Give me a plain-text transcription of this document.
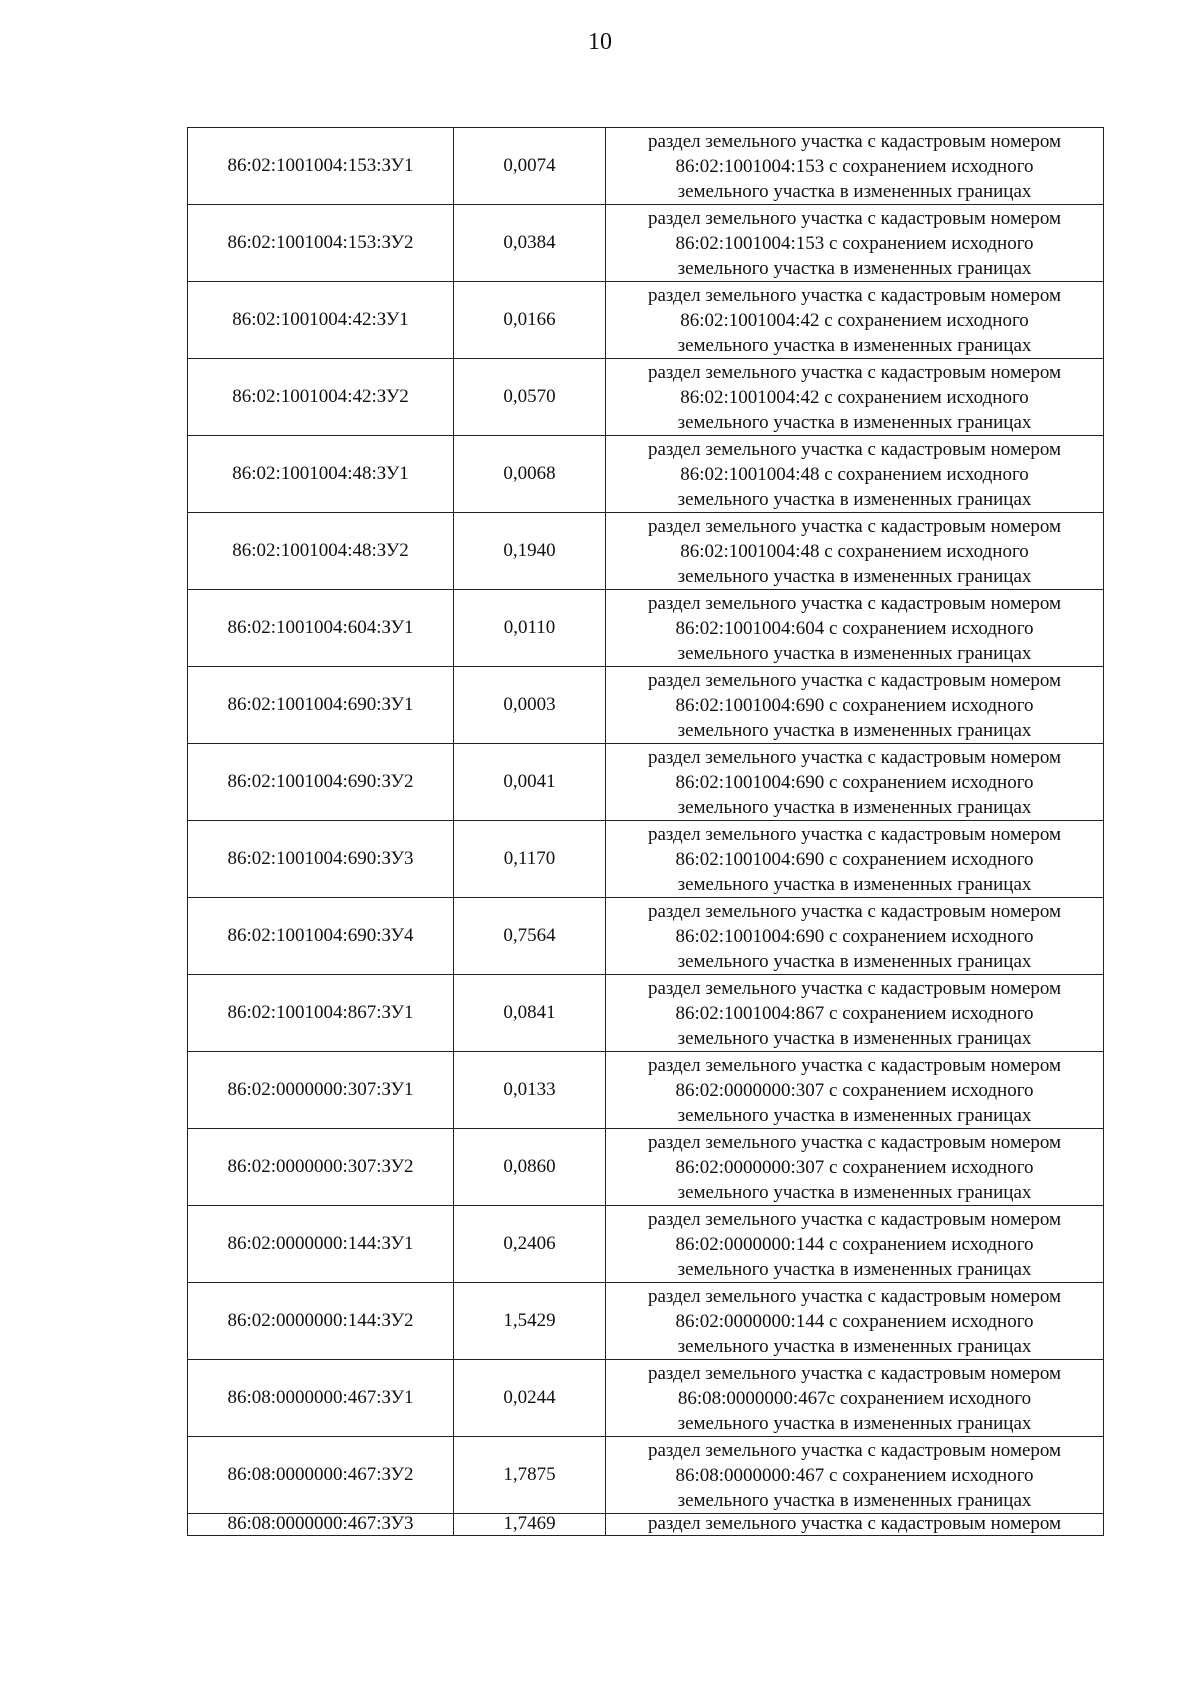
10
86:02:1001004:153:ЗУ1	0,0074	раздел земельного участка с кадастровым номером
86:02:1001004:153 с сохранением исходного
земельного участка в измененных границах

86:02:1001004:153:ЗУ2	0,0384	раздел земельного участка с кадастровым номером
86:02:1001004:153 с сохранением исходного
земельного участка в измененных границах

86:02:1001004:42:ЗУ1	0,0166	раздел земельного участка с кадастровым номером
86:02:1001004:42 с сохранением исходного
земельного участка в измененных границах

86:02:1001004:42:ЗУ2	0,0570	раздел земельного участка с кадастровым номером
86:02:1001004:42 с сохранением исходного
земельного участка в измененных границах

86:02:1001004:48:ЗУ1	0,0068	раздел земельного участка с кадастровым номером
86:02:1001004:48 с сохранением исходного
земельного участка в измененных границах

86:02:1001004:48:ЗУ2	0,1940	раздел земельного участка с кадастровым номером
86:02:1001004:48 с сохранением исходного
земельного участка в измененных границах

86:02:1001004:604:ЗУ1	0,0110	раздел земельного участка с кадастровым номером
86:02:1001004:604 с сохранением исходного
земельного участка в измененных границах

86:02:1001004:690:ЗУ1	0,0003	раздел земельного участка с кадастровым номером
86:02:1001004:690 с сохранением исходного
земельного участка в измененных границах

86:02:1001004:690:ЗУ2	0,0041	раздел земельного участка с кадастровым номером
86:02:1001004:690 с сохранением исходного
земельного участка в измененных границах

86:02:1001004:690:ЗУ3	0,1170	раздел земельного участка с кадастровым номером
86:02:1001004:690 с сохранением исходного
земельного участка в измененных границах

86:02:1001004:690:ЗУ4	0,7564	раздел земельного участка с кадастровым номером
86:02:1001004:690 с сохранением исходного
земельного участка в измененных границах

86:02:1001004:867:ЗУ1	0,0841	раздел земельного участка с кадастровым номером
86:02:1001004:867 с сохранением исходного
земельного участка в измененных границах

86:02:0000000:307:ЗУ1	0,0133	раздел земельного участка с кадастровым номером
86:02:0000000:307 с сохранением исходного
земельного участка в измененных границах

86:02:0000000:307:ЗУ2	0,0860	раздел земельного участка с кадастровым номером
86:02:0000000:307 с сохранением исходного
земельного участка в измененных границах

86:02:0000000:144:ЗУ1	0,2406	раздел земельного участка с кадастровым номером
86:02:0000000:144 с сохранением исходного
земельного участка в измененных границах

86:02:0000000:144:ЗУ2	1,5429	раздел земельного участка с кадастровым номером
86:02:0000000:144 с сохранением исходного
земельного участка в измененных границах

86:08:0000000:467:ЗУ1	0,0244	раздел земельного участка с кадастровым номером
86:08:0000000:467с сохранением исходного
земельного участка в измененных границах

86:08:0000000:467:ЗУ2	1,7875	раздел земельного участка с кадастровым номером
86:08:0000000:467 с сохранением исходного
земельного участка в измененных границах

86:08:0000000:467:ЗУ3	1,7469	раздел земельного участка с кадастровым номером
